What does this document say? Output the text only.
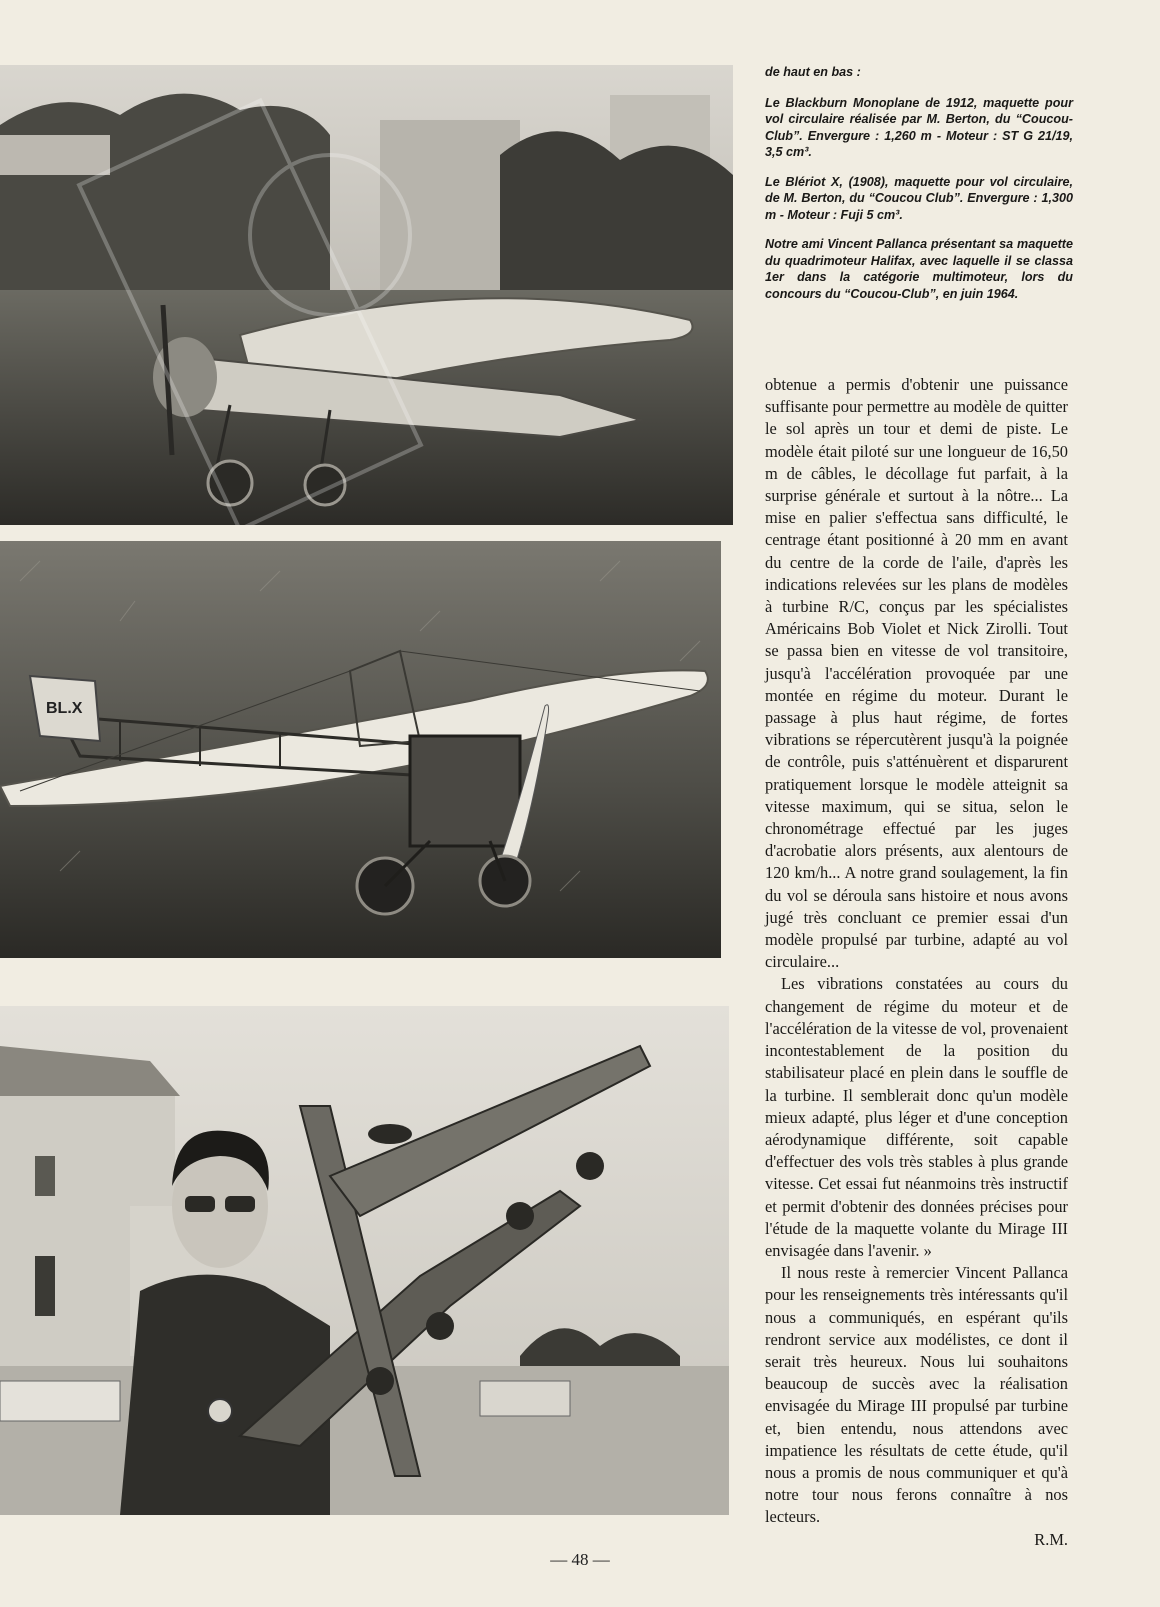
BL.X

de haut en bas :

Le Blackburn Monoplane de 1912, maquette pour vol circulaire réalisée par M. Berton, du “Coucou-Club”. Envergure : 1,260 m - Moteur : ST G 21/19, 3,5 cm³.

Le Blériot X, (1908), maquette pour vol circulaire, de M. Berton, du “Coucou Club”. Envergure : 1,300 m - Moteur : Fuji 5 cm³.

Notre ami Vincent Pallanca présentant sa maquette du quadrimoteur Halifax, avec laquelle il se classa 1er dans la catégorie multimoteur, lors du concours du “Coucou-Club”, en juin 1964.

obtenue a permis d'obtenir une puissance suffisante pour permettre au modèle de quitter le sol après un tour et demi de piste. Le modèle était piloté sur une longueur de 16,50 m de câbles, le décollage fut parfait, à la surprise générale et surtout à la nôtre... La mise en palier s'effectua sans difficulté, le centrage étant positionné à 20 mm en avant du centre de la corde de l'aile, d'après les indications relevées sur les plans de modèles à turbine R/C, conçus par les spécialistes Américains Bob Violet et Nick Zirolli. Tout se passa bien en vitesse de vol transitoire, jusqu'à l'accélération provoquée par une montée en régime du moteur. Durant le passage à plus haut régime, de fortes vibrations se répercutèrent jusqu'à la poignée de contrôle, puis s'atténuèrent et disparurent pratiquement lorsque le modèle atteignit sa vitesse maximum, qui se situa, selon le chronométrage effectué par les juges d'acrobatie alors présents, aux alentours de 120 km/h... A notre grand soulagement, la fin du vol se déroula sans histoire et nous avons jugé très concluant ce premier essai d'un modèle propulsé par turbine, adapté au vol circulaire...

Les vibrations constatées au cours du changement de régime du moteur et de l'accélération de la vitesse de vol, provenaient incontestablement de la position du stabilisateur placé en plein dans le souffle de la turbine. Il semblerait donc qu'un modèle mieux adapté, plus léger et d'une conception aérodynamique différente, soit capable d'effectuer des vols très stables à plus grande vitesse. Cet essai fut néanmoins très instructif et permit d'obtenir des données précises pour l'étude de la maquette volante du Mirage III envisagée dans l'avenir. »

Il nous reste à remercier Vincent Pallanca pour les renseignements très intéressants qu'il nous a communiqués, en espérant qu'ils rendront service aux modélistes, ce dont il serait très heureux. Nous lui souhaitons beaucoup de succès avec la réalisation envisagée du Mirage III propulsé par turbine et, bien entendu, nous attendons avec impatience les résultats de cette étude, qu'il nous a promis de nous communiquer et qu'à notre tour nous ferons connaître à nos lecteurs.

R.M.

— 48 —
